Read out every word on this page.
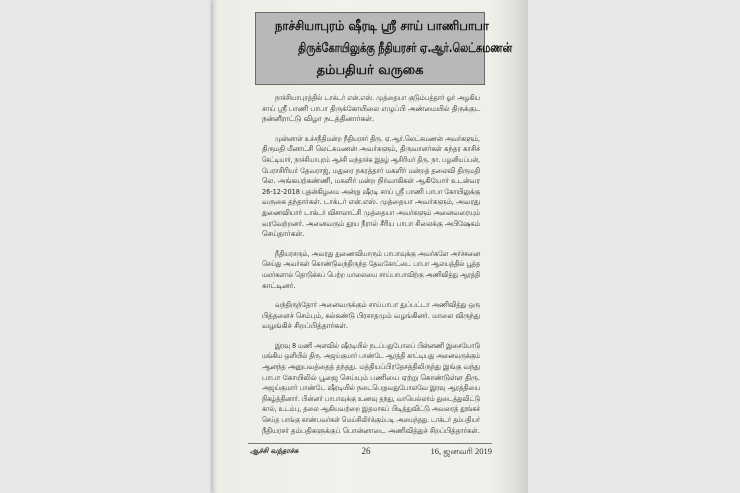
நாச்சியாபுரம் ஷீரடி ஸ்ரீ சாய் பாணிபாபா
திருக்கோயிலுக்கு நீதியரசர் ஏ.ஆர்.லெட்சுமணன்
தம்பதியர் வருகை
நாச்சியாபுரத்தில் டாக்டர் என்.எஸ். முத்தையா குடும்பத்தார் ஓர் அழகிய
சாய் ஸ்ரீ பாணி பாபா திருக்கோயிலை எழுப்பி அண்மையில் திருக்குட
நன்னீராட்டு விழா நடத்தினார்கள்.
முன்னாள் உச்சநீதிமன்ற நீதியரசர் திரு. ஏ.ஆர்.லெட்சுமணன் அவர்களும்,
திருமதி மீனாட்சி லெட்சுமணன் அவர்களும், திருவாளர்கள் சுந்தர காசிச்
செட்டியார், நாச்சியாபுரம் ஆச்சி வந்தாச்சு இதழ் ஆசிரியர் திரு. நா. பழனியப்பன்,
பேராசிரியர் தேவராஜ், மதுரை நகரத்தார் மகளிர் மன்றத் தலைவி திருமதி
லெ. அங்கயற்கண்ணி, மகளிர் மன்ற நிர்வாகிகள் ஆகியோர் உடன்வர
26-12-2018 புதன்கிழமை அன்று ஷீரடி சாய் ஸ்ரீ பாணி பாபா கோயிலுக்கு
வருகை தந்தார்கள். டாக்டர் என்.எஸ். முத்தையா அவர்களும், அவரது
துணைவியார் டாக்டர் விசாலாட்சி முத்தையா அவர்களும் அனைவரையும்
வரவேற்றனர். அனைவரும் தூய நீரால் சீரிய பாபா சிலைக்கு அபிஷேகம்
செய்தார்கள்.
நீதியரசரும், அவரது துணைவியாரும் பாபாவுக்கு அவர்களே அர்ச்சனை
செய்து அவர்கள் கொண்டுவந்திருந்த தேவகோட்டை பாபா ஆலயத்தில் பூத்த
மலர்களால் தொடுக்கப் பெற்ற மாலையை சாய்பாபாவிற்கு அணிவித்து ஆரத்தி
காட்டினர்.
வந்திருந்தோர் அனைவருக்கும் சாய்பாபா துப்பட்டா அணிவித்து ஒரு
பித்தளைச் செம்பும், கல்கண்டு பிரசாதமும் வழங்கினர். மாலை விருந்து
வழங்கிச் சிறப்பித்தார்கள்.
இரவு 8 மணி அளவில் ஷீரடியில் நடப்பதுபோலப் பின்னணி இசையோடு
மங்கிய ஒளியில் திரு. அஜய்குமார் பாண்டே ஆரத்தி காட்டியது அனைவருக்கும்
ஆனந்த அனுபவத்தைத் தந்தது. மத்தியப்பிரதேசத்திலிருந்து இங்கு வந்து
பாபா கோயிலில் பூஜை செய்யும் பணியை ஏற்று கொண்டுள்ள திரு.
அஜய்குமார் பாண்டே ஷீரடியில் நடைபெறுவதுபோலவே இரவு ஆரத்தியை
நிகழ்த்தினார். பின்னர் பாபாவுக்கு உணவு தந்து, வாயெல்லாம் துடைத்துவிட்டு
கால், உடம்பு, தலை ஆகியவற்றை இதமாகப் பிடித்துவிட்டு அவரைத் தூங்கச்
செய்த பாங்கு காண்பவர்கள் மெய்சிலிர்க்கும்படி அமைந்தது. டாக்டர் தம்பதியர்
நீதியரசர் தம்பதிகளுக்குப் பொன்னாடை அணிவித்துச் சிறப்பித்தார்கள்.
ஆச்சி வந்தாச்சு	26	16, ஜனவரி 2019
